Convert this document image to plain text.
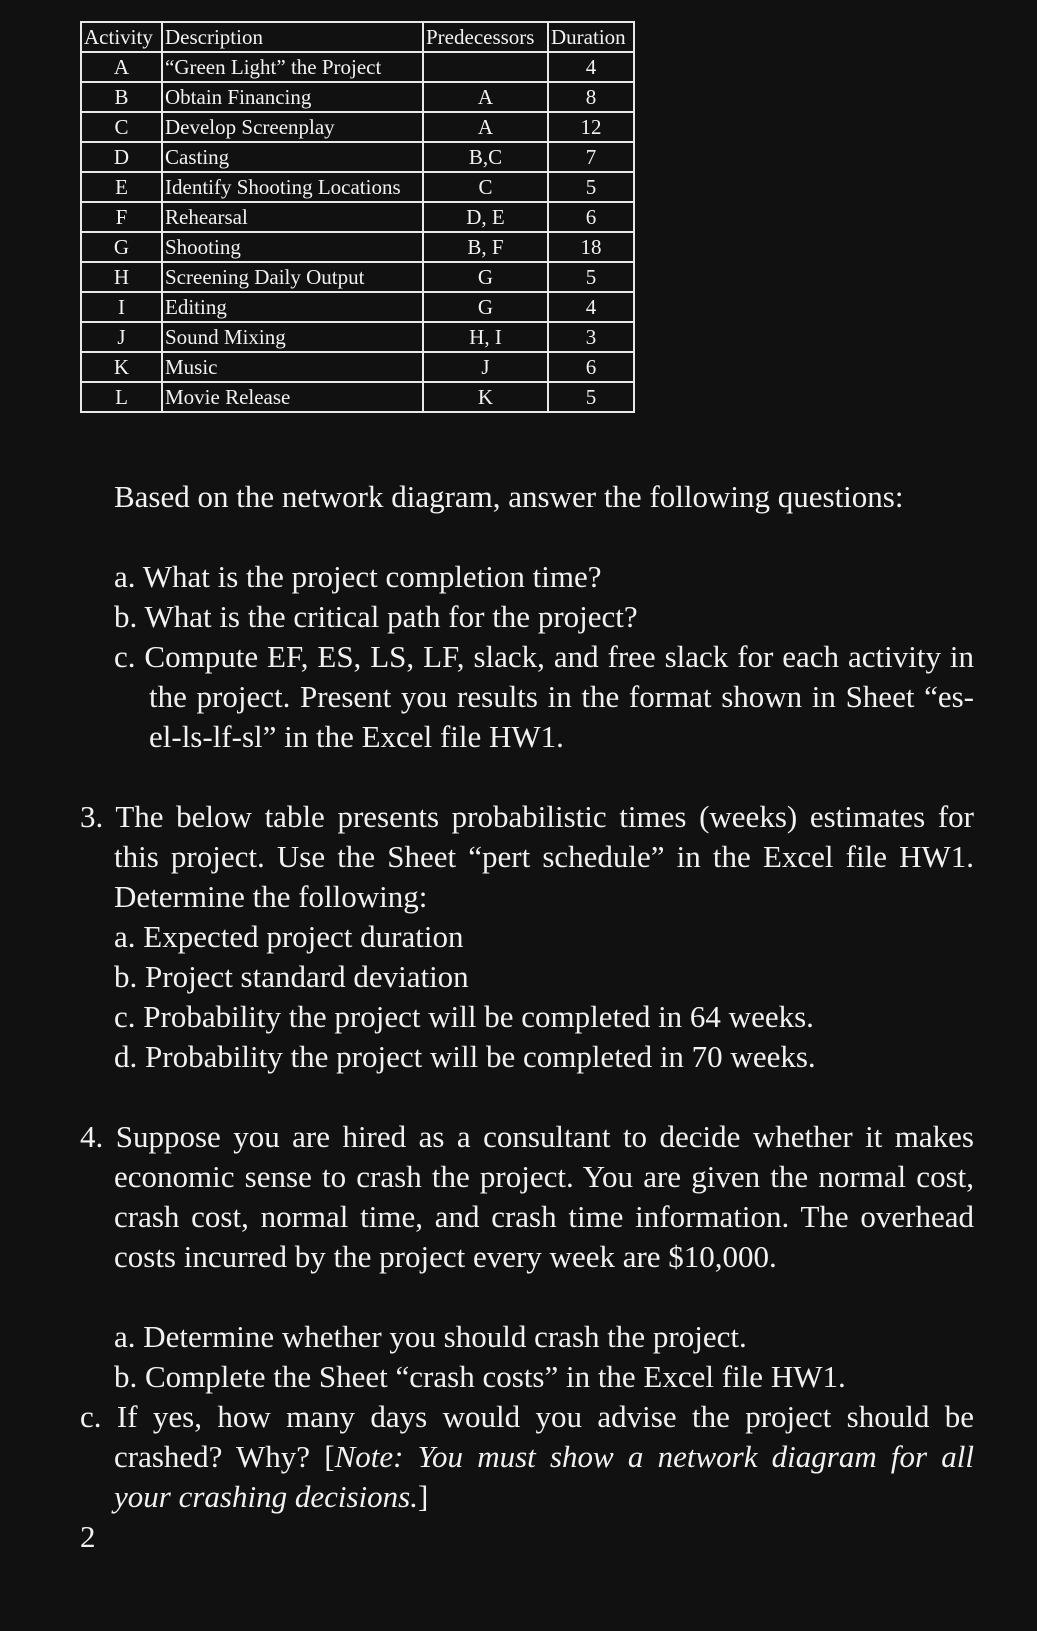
Activity	Description	Predecessors	Duration
A	“Green Light” the Project		4
B	Obtain Financing	A	8
C	Develop Screenplay	A	12
D	Casting	B,C	7
E	Identify Shooting Locations	C	5
F	Rehearsal	D, E	6
G	Shooting	B, F	18
H	Screening Daily Output	G	5
I	Editing	G	4
J	Sound Mixing	H, I	3
K	Music	J	6
L	Movie Release	K	5
Based on the network diagram, answer the following questions:
a. What is the project completion time?
b. What is the critical path for the project?
c. Compute EF, ES, LS, LF, slack, and free slack for each activity in the project. Present you results in the format shown in Sheet “es-el-ls-lf-sl” in the Excel file HW1.
3. The below table presents probabilistic times (weeks) estimates for this project. Use the Sheet “pert schedule” in the Excel file HW1. Determine the following:
a. Expected project duration
b. Project standard deviation
c. Probability the project will be completed in 64 weeks.
d. Probability the project will be completed in 70 weeks.
4. Suppose you are hired as a consultant to decide whether it makes economic sense to crash the project. You are given the normal cost, crash cost, normal time, and crash time information. The overhead costs incurred by the project every week are $10,000.
a. Determine whether you should crash the project.
b. Complete the Sheet “crash costs” in the Excel file HW1.
c. If yes, how many days would you advise the project should be crashed? Why? [Note: You must show a network diagram for all your crashing decisions.]
2
